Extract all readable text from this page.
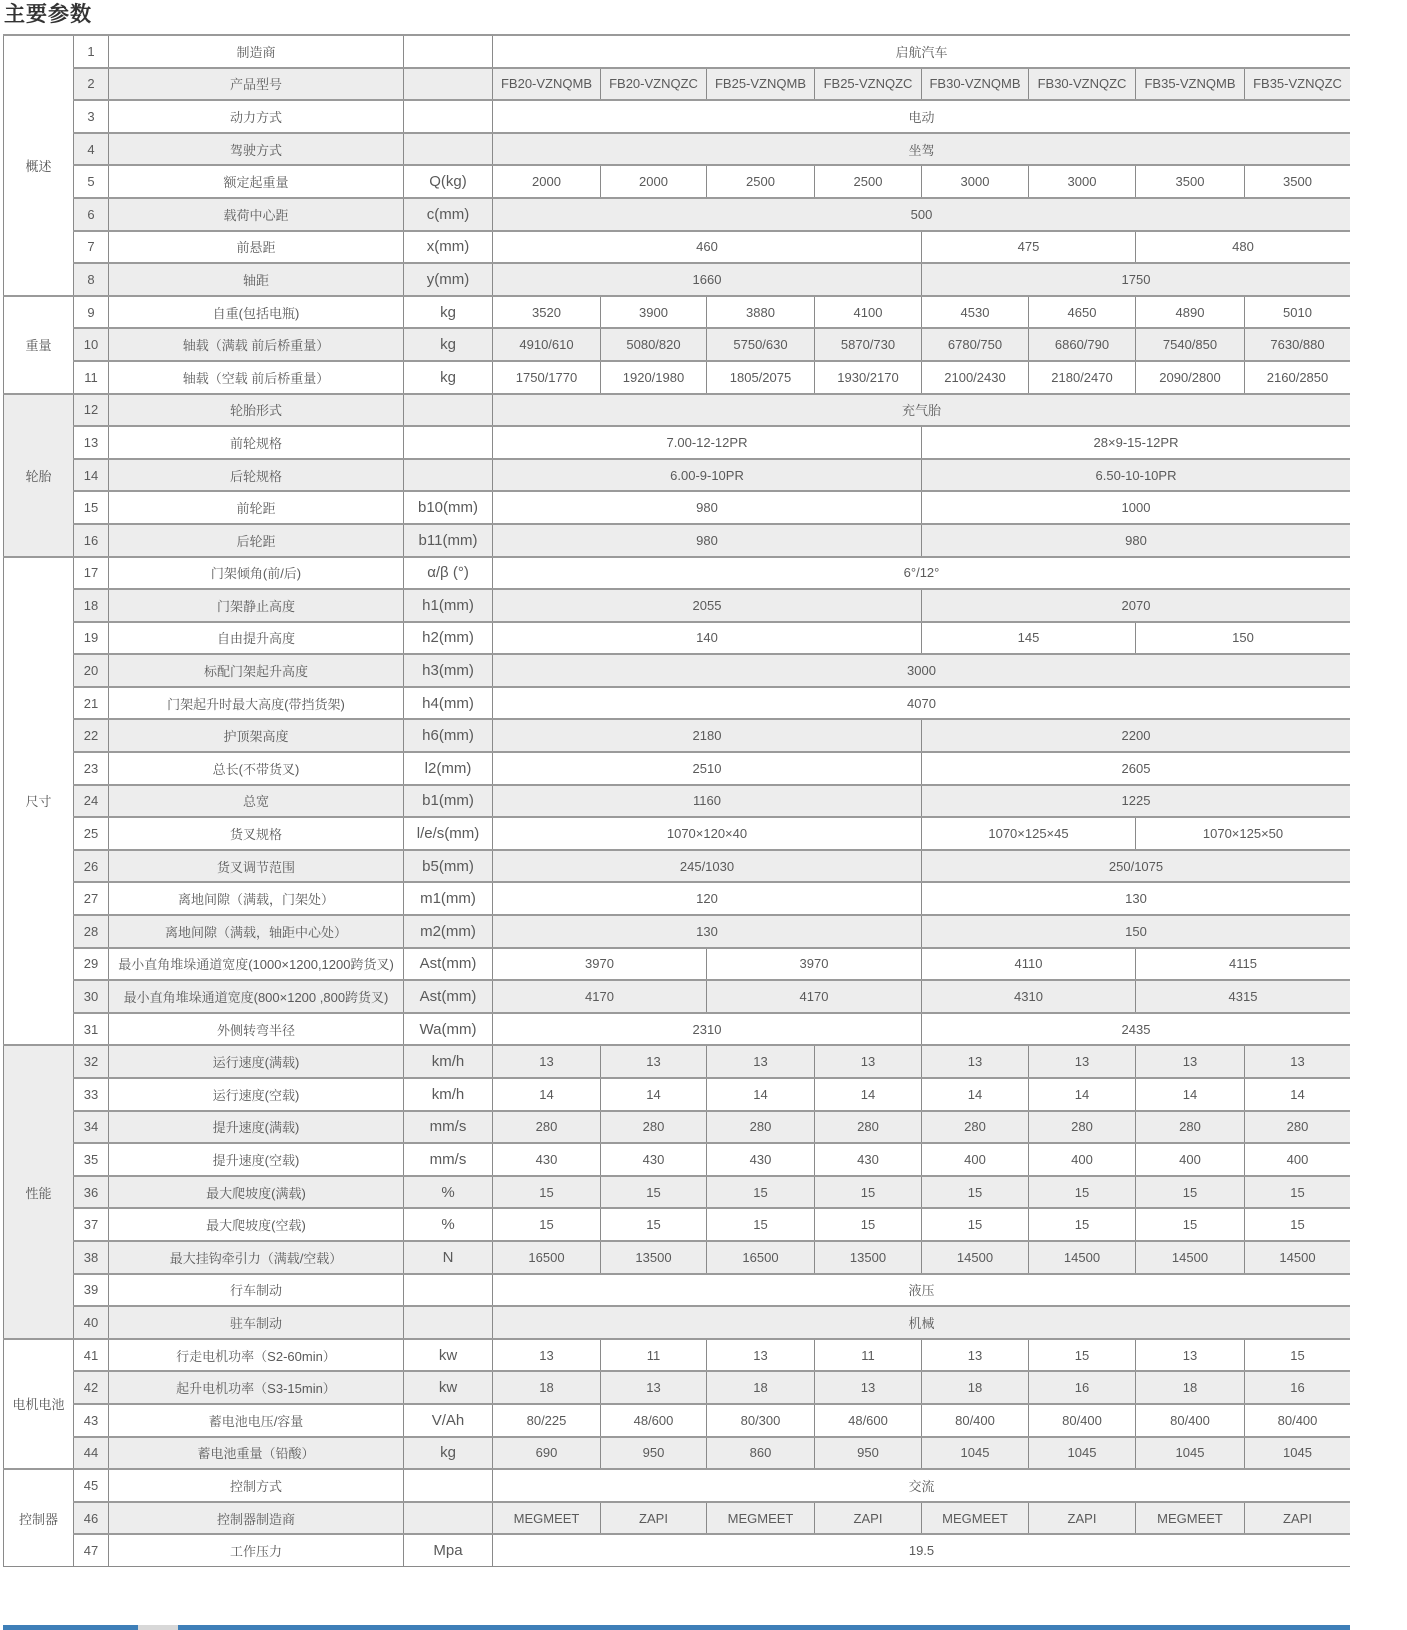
主要参数
概述	1	制造商		启航汽车							
	2	产品型号		FB20-VZNQMB	FB20-VZNQZC	FB25-VZNQMB	FB25-VZNQZC	FB30-VZNQMB	FB30-VZNQZC	FB35-VZNQMB	FB35-VZNQZC
	3	动力方式		电动							
	4	驾驶方式		坐驾							
	5	额定起重量	Q(kg)	2000	2000	2500	2500	3000	3000	3500	3500
	6	载荷中心距	c(mm)	500							
	7	前悬距	x(mm)	460				475		480	
	8	轴距	y(mm)	1660				1750			
重量	9	自重(包括电瓶)	kg	3520	3900	3880	4100	4530	4650	4890	5010
	10	轴载（满载 前后桥重量）	kg	4910/610	5080/820	5750/630	5870/730	6780/750	6860/790	7540/850	7630/880
	11	轴载（空载 前后桥重量）	kg	1750/1770	1920/1980	1805/2075	1930/2170	2100/2430	2180/2470	2090/2800	2160/2850
轮胎	12	轮胎形式		充气胎							
	13	前轮规格		7.00-12-12PR				28×9-15-12PR			
	14	后轮规格		6.00-9-10PR				6.50-10-10PR			
	15	前轮距	b10(mm)	980				1000			
	16	后轮距	b11(mm)	980				980			
尺寸	17	门架倾角(前/后)	α/β (°)	6°/12°							
	18	门架静止高度	h1(mm)	2055				2070			
	19	自由提升高度	h2(mm)	140				145		150	
	20	标配门架起升高度	h3(mm)	3000							
	21	门架起升时最大高度(带挡货架)	h4(mm)	4070							
	22	护顶架高度	h6(mm)	2180				2200			
	23	总长(不带货叉)	l2(mm)	2510				2605			
	24	总宽	b1(mm)	1160				1225			
	25	货叉规格	l/e/s(mm)	1070×120×40				1070×125×45		1070×125×50	
	26	货叉调节范围	b5(mm)	245/1030				250/1075			
	27	离地间隙（满载，门架处）	m1(mm)	120				130			
	28	离地间隙（满载，轴距中心处）	m2(mm)	130				150			
	29	最小直角堆垛通道宽度(1000×1200,1200跨货叉)	Ast(mm)	3970		3970		4110		4115	
	30	最小直角堆垛通道宽度(800×1200 ,800跨货叉)	Ast(mm)	4170		4170		4310		4315	
	31	外侧转弯半径	Wa(mm)	2310				2435			
性能	32	运行速度(满载)	km/h	13	13	13	13	13	13	13	13
	33	运行速度(空载)	km/h	14	14	14	14	14	14	14	14
	34	提升速度(满载)	mm/s	280	280	280	280	280	280	280	280
	35	提升速度(空载)	mm/s	430	430	430	430	400	400	400	400
	36	最大爬坡度(满载)	%	15	15	15	15	15	15	15	15
	37	最大爬坡度(空载)	%	15	15	15	15	15	15	15	15
	38	最大挂钩牵引力（满载/空载）	N	16500	13500	16500	13500	14500	14500	14500	14500
	39	行车制动		液压							
	40	驻车制动		机械							
电机电池	41	行走电机功率（S2-60min）	kw	13	11	13	11	13	15	13	15
	42	起升电机功率（S3-15min）	kw	18	13	18	13	18	16	18	16
	43	蓄电池电压/容量	V/Ah	80/225	48/600	80/300	48/600	80/400	80/400	80/400	80/400
	44	蓄电池重量（铅酸）	kg	690	950	860	950	1045	1045	1045	1045
控制器	45	控制方式		交流							
	46	控制器制造商		MEGMEET	ZAPI	MEGMEET	ZAPI	MEGMEET	ZAPI	MEGMEET	ZAPI
	47	工作压力	Mpa	19.5							
